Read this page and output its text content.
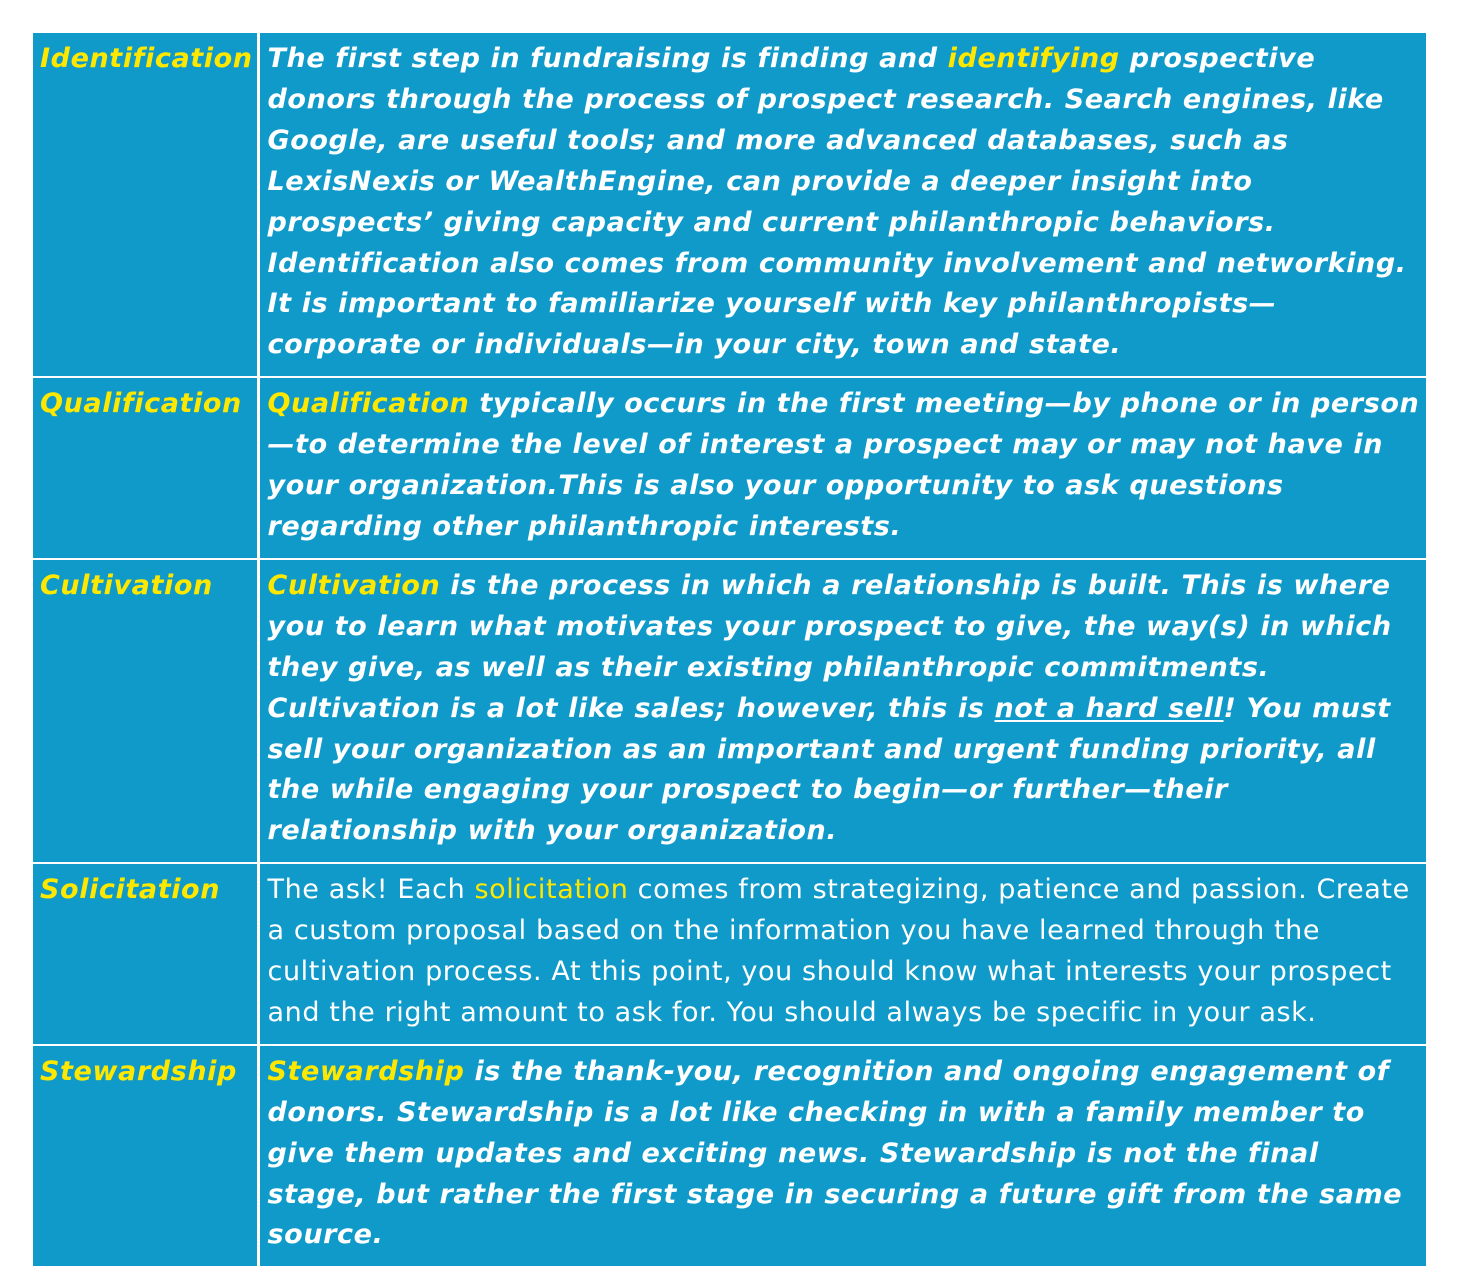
Identification	The first step in fundraising is finding and identifying prospective donors through the process of prospect research. Search engines, like Google, are useful tools; and more advanced databases, such as LexisNexis or WealthEngine, can provide a deeper insight into prospects’ giving capacity and current philanthropic behaviors. Identification also comes from community involvement and networking. It is important to familiarize yourself with key philanthropists—corporate or individuals—in your city, town and state.

Qualification	Qualification typically occurs in the first meeting—by phone or in person—to determine the level of interest a prospect may or may not have in your organization.This is also your opportunity to ask questions regarding other philanthropic interests.

Cultivation	Cultivation is the process in which a relationship is built. This is where you to learn what motivates your prospect to give, the way(s) in which they give, as well as their existing philanthropic commitments. Cultivation is a lot like sales; however, this is not a hard sell! You must sell your organization as an important and urgent funding priority, all the while engaging your prospect to begin—or further—their relationship with your organization.

Solicitation	The ask! Each solicitation comes from strategizing, patience and passion. Create a custom proposal based on the information you have learned through the cultivation process. At this point, you should know what interests your prospect and the right amount to ask for. You should always be specific in your ask.

Stewardship	Stewardship is the thank-you, recognition and ongoing engagement of donors. Stewardship is a lot like checking in with a family member to give them updates and exciting news. Stewardship is not the final stage, but rather the first stage in securing a future gift from the same source.
